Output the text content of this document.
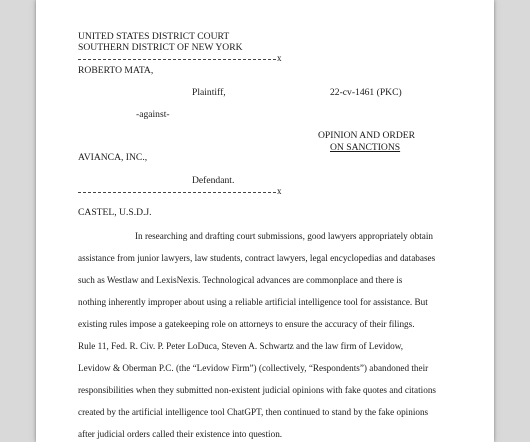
UNITED STATES DISTRICT COURT
SOUTHERN DISTRICT OF NEW YORK
x
ROBERTO MATA,
Plaintiff,	22-cv-1461 (PKC)
-against-
OPINION AND ORDER
ON SANCTIONS
AVIANCA, INC.,
Defendant.
x
CASTEL, U.S.D.J.
In researching and drafting court submissions, good lawyers appropriately obtain
assistance from junior lawyers, law students, contract lawyers, legal encyclopedias and databases
such as Westlaw and LexisNexis. Technological advances are commonplace and there is
nothing inherently improper about using a reliable artificial intelligence tool for assistance. But
existing rules impose a gatekeeping role on attorneys to ensure the accuracy of their filings.
Rule 11, Fed. R. Civ. P. Peter LoDuca, Steven A. Schwartz and the law firm of Levidow,
Levidow & Oberman P.C. (the “Levidow Firm”) (collectively, “Respondents”) abandoned their
responsibilities when they submitted non-existent judicial opinions with fake quotes and citations
created by the artificial intelligence tool ChatGPT, then continued to stand by the fake opinions
after judicial orders called their existence into question.
